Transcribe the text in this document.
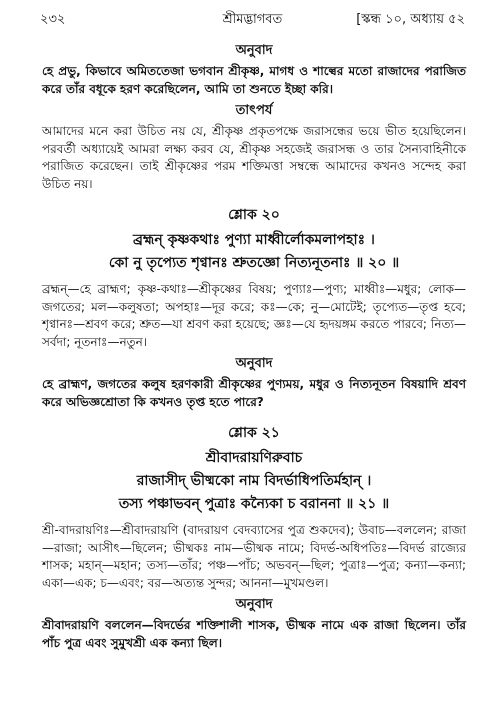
২৩২	শ্রীমদ্ভাগবত	[স্কন্ধ ১০, অধ্যায় ৫২
অনুবাদ

হে প্রভু, কিভাবে অমিততেজা ভগবান শ্রীকৃষ্ণ, মাগধ ও শাল্বের মতো রাজাদের পরাজিত করে তাঁর বধূকে হরণ করেছিলেন, আমি তা শুনতে ইচ্ছা করি।

তাৎপর্য

আমাদের মনে করা উচিত নয় যে, শ্রীকৃষ্ণ প্রকৃতপক্ষে জরাসন্ধের ভয়ে ভীত হয়েছিলেন। পরবর্তী অধ্যায়েই আমরা লক্ষ্য করব যে, শ্রীকৃষ্ণ সহজেই জরাসন্ধ ও তার সৈন্যবাহিনীকে পরাজিত করেছেন। তাই শ্রীকৃষ্ণের পরম শক্তিমত্তা সম্বন্ধে আমাদের কখনও সন্দেহ করা উচিত নয়।

শ্লোক ২০
ব্রহ্মন্ কৃষ্ণকথাঃ পুণ্যা মাধ্বীর্লোকমলাপহাঃ ।
কো নু তৃপ্যেত শৃণ্বানঃ শ্রুতজ্ঞো নিত্যনূতনাঃ ॥ ২০ ॥

ব্রহ্মন্—হে ব্রাহ্মণ; কৃষ্ণ-কথাঃ—শ্রীকৃষ্ণের বিষয়; পুণ্যাঃ—পুণ্য; মাধ্বীঃ—মধুর; লোক—জগতের; মল—কলুষতা; অপহাঃ—দূর করে; কঃ—কে; নু—মোটেই; তৃপ্যেত—তৃপ্ত হবে; শৃণ্বানঃ—শ্রবণ করে; শ্রুত—যা শ্রবণ করা হয়েছে; জ্ঞঃ—যে হৃদয়ঙ্গম করতে পারবে; নিত্য—সর্বদা; নূতনাঃ—নতুন।

অনুবাদ

হে ব্রাহ্মণ, জগতের কলুষ হরণকারী শ্রীকৃষ্ণের পুণ্যময়, মধুর ও নিত্যনূতন বিষয়াদি শ্রবণ করে অভিজ্ঞশ্রোতা কি কখনও তৃপ্ত হতে পারে?

শ্লোক ২১
শ্রীবাদরায়ণিরুবাচ
রাজাসীদ্ ভীষ্মকো নাম বিদর্ভাধিপতির্মহান্ ।
তস্য পঞ্চাভবন্ পুত্রাঃ কন্যৈকা চ বরাননা ॥ ২১ ॥

শ্রী-বাদরায়ণিঃ—শ্রীবাদরায়ণি (বাদরায়ণ বেদব্যাসের পুত্র শুকদেব); উবাচ—বললেন; রাজা—রাজা; আসীৎ—ছিলেন; ভীষ্মকঃ নাম—ভীষ্মক নামে; বিদর্ভ-অধিপতিঃ—বিদর্ভ রাজ্যের শাসক; মহান্—মহান; তস্য—তাঁর; পঞ্চ—পাঁচ; অভবন্—ছিল; পুত্রাঃ—পুত্র; কন্যা—কন্যা; একা—এক; চ—এবং; বর—অত্যন্ত সুন্দর; আননা—মুখমণ্ডল।

অনুবাদ

শ্রীবাদরায়ণি বললেন—বিদর্ভের শক্তিশালী শাসক, ভীষ্মক নামে এক রাজা ছিলেন। তাঁর পাঁচ পুত্র এবং সুমুখশ্রী এক কন্যা ছিল।
